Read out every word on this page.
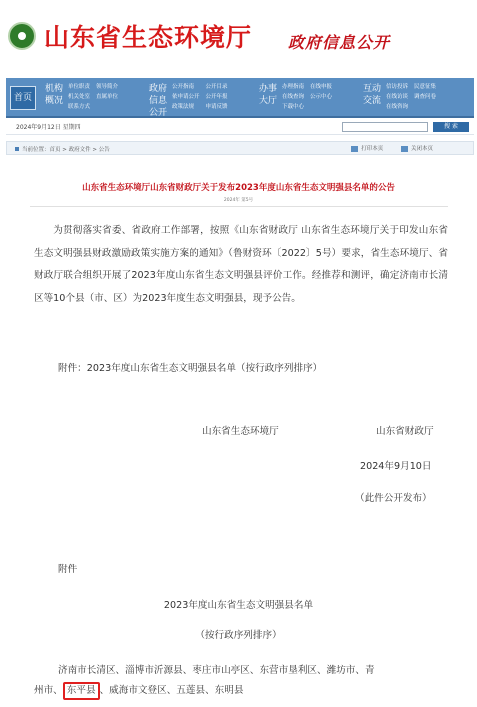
山东省生态环境厅 政府信息公开
首页
机构概况
单位职责 领导简介
机关处室 直属单位
联系方式
政府信息公开
公开指南	公开目录
依申请公开 公开年报
政策法规	申请反馈
办事大厅
办理指南 在线申报
在线查询 公示中心
下载中心
互动交流
信访投诉 民意征集
在线访谈 调查问卷
在线咨询
2024年9月12日 星期四	搜 索
当前位置：首页 > 政府文件 > 公告	打印本页	关闭本页
山东省生态环境厅山东省财政厅关于发布2023年度山东省生态文明强县名单的公告
2024年 第5号
为贯彻落实省委、省政府工作部署，按照《山东省财政厅 山东省生态环境厅关于印发山东省生态文明强县财政激励政策实施方案的通知》（鲁财资环〔2022〕5号）要求，省生态环境厅、省财政厅联合组织开展了2023年度山东省生态文明强县评价工作。经推荐和测评，确定济南市长清区等10个县（市、区）为2023年度生态文明强县，现予公告。
附件：2023年度山东省生态文明强县名单（按行政序列排序）
山东省生态环境厅	山东省财政厅
2024年9月10日
（此件公开发布）
附件
2023年度山东省生态文明强县名单
（按行政序列排序）
济南市长清区、淄博市沂源县、枣庄市山亭区、东营市垦利区、潍坊市、青
州市、 东平县 、威海市文登区、五莲县、东明县
